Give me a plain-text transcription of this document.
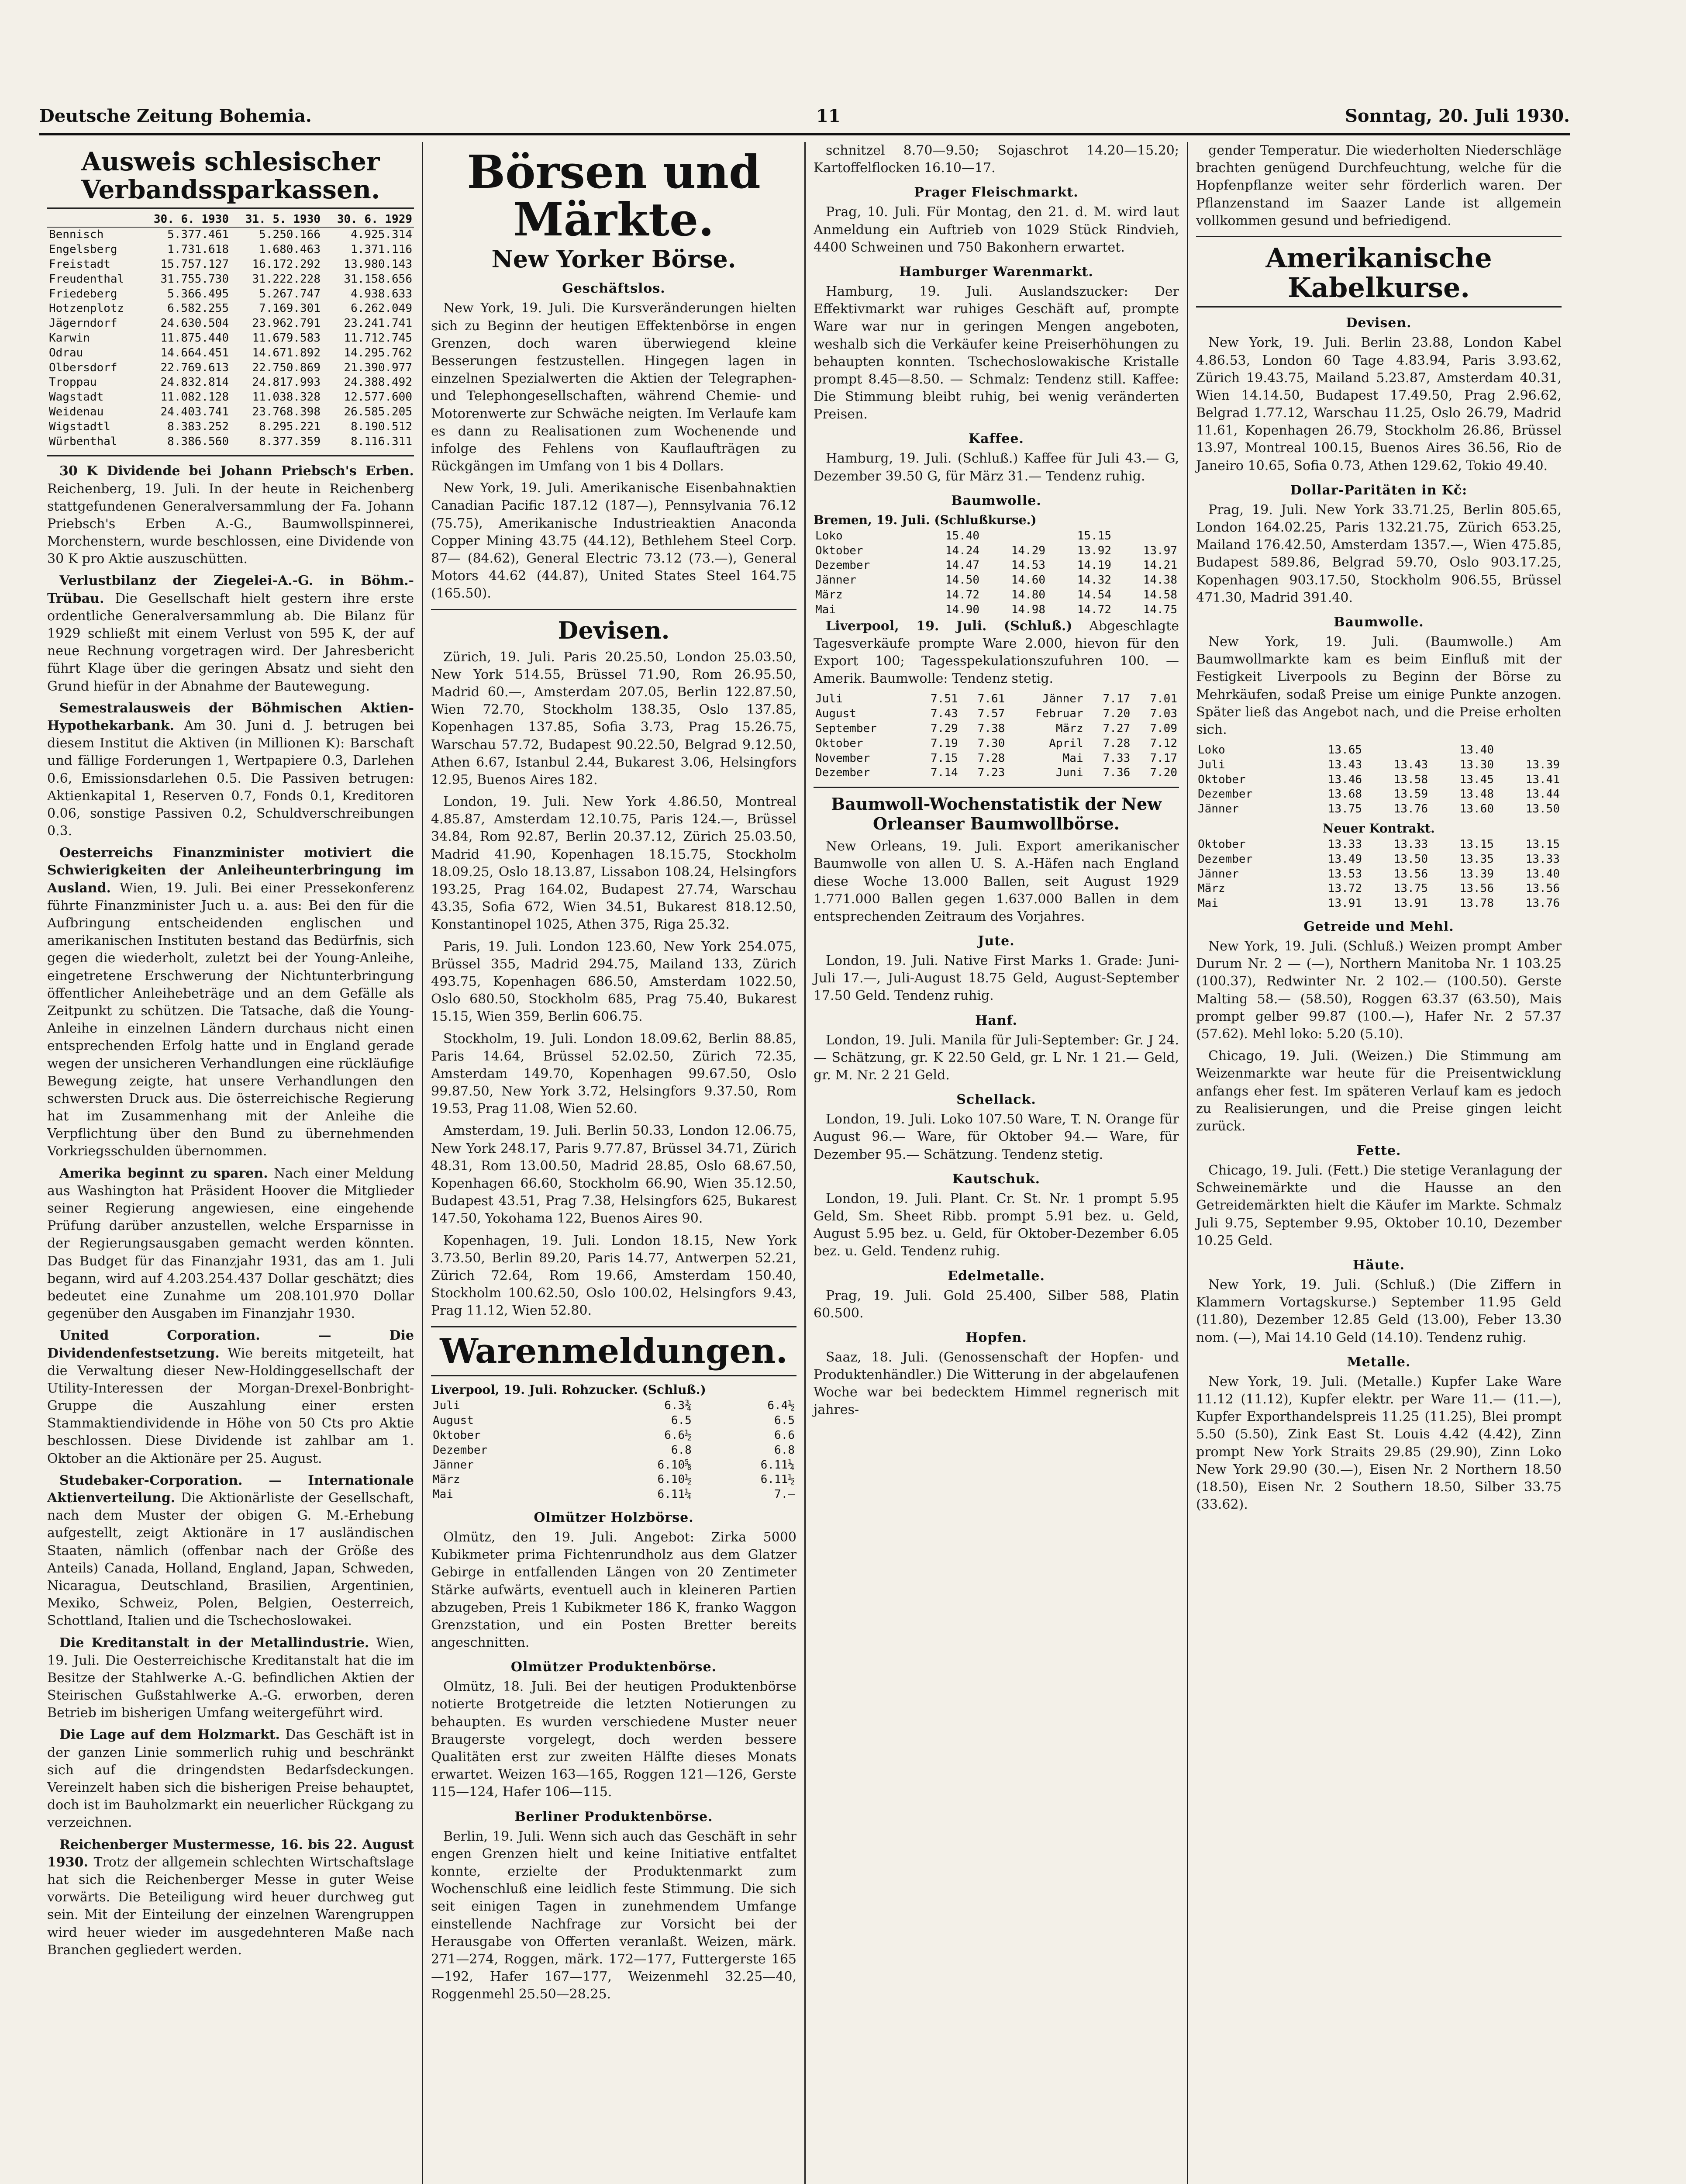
Deutsche Zeitung Bohemia.	11	Sonntag, 20. Juli 1930.
Ausweis schlesischer Verbandssparkassen.
	30. 6. 1930	31. 5. 1930	30. 6. 1929
Bennisch	5.377.461	5.250.166	4.925.314
Engelsberg	1.731.618	1.680.463	1.371.116
Freistadt	15.757.127	16.172.292	13.980.143
Freudenthal	31.755.730	31.222.228	31.158.656
Friedeberg	5.366.495	5.267.747	4.938.633
Hotzenplotz	6.582.255	7.169.301	6.262.049
Jägerndorf	24.630.504	23.962.791	23.241.741
Karwin	11.875.440	11.679.583	11.712.745
Odrau	14.664.451	14.671.892	14.295.762
Olbersdorf	22.769.613	22.750.869	21.390.977
Troppau	24.832.814	24.817.993	24.388.492
Wagstadt	11.082.128	11.038.328	12.577.600
Weidenau	24.403.741	23.768.398	26.585.205
Wigstadtl	8.383.252	8.295.221	8.190.512
Würbenthal	8.386.560	8.377.359	8.116.311

30 K Dividende bei Johann Priebsch's Erben. Reichenberg, 19. Juli. In der heute in Reichenberg stattgefundenen Generalversammlung der Fa. Johann Priebsch's Erben A.-G., Baumwollspinnerei, Morchenstern, wurde beschlossen, eine Dividende von 30 K pro Aktie auszuschütten.

Verlustbilanz der Ziegelei-A.-G. in Böhm.-Trübau. Die Gesellschaft hielt gestern ihre erste ordentliche Generalversammlung ab. Die Bilanz für 1929 schließt mit einem Verlust von 595 K, der auf neue Rechnung vorgetragen wird. Der Jahresbericht führt Klage über die geringen Absatz und sieht den Grund hiefür in der Abnahme der Bautewegung.

Semestralausweis der Böhmischen Aktien-Hypothekarbank. Am 30. Juni d. J. betrugen bei diesem Institut die Aktiven (in Millionen K): Barschaft und fällige Forderungen 1, Wertpapiere 0.3, Darlehen 0.6, Emissionsdarlehen 0.5. Die Passiven betrugen: Aktienkapital 1, Reserven 0.7, Fonds 0.1, Kreditoren 0.06, sonstige Passiven 0.2, Schuldverschreibungen 0.3.

Oesterreichs Finanzminister motiviert die Schwierigkeiten der Anleiheunterbringung im Ausland. Wien, 19. Juli. Bei einer Pressekonferenz führte Finanzminister Juch u. a. aus: Bei den für die Aufbringung entscheidenden englischen und amerikanischen Instituten bestand das Bedürfnis, sich gegen die wiederholt, zuletzt bei der Young-Anleihe, eingetretene Erschwerung der Nichtunterbringung öffentlicher Anleihebeträge und an dem Gefälle als Zeitpunkt zu schützen. Die Tatsache, daß die Young-Anleihe in einzelnen Ländern durchaus nicht einen entsprechenden Erfolg hatte und in England gerade wegen der unsicheren Verhandlungen eine rückläufige Bewegung zeigte, hat unsere Verhandlungen den schwersten Druck aus. Die österreichische Regierung hat im Zusammenhang mit der Anleihe die Verpflichtung über den Bund zu übernehmenden Vorkriegsschulden übernommen.

Amerika beginnt zu sparen. Nach einer Meldung aus Washington hat Präsident Hoover die Mitglieder seiner Regierung angewiesen, eine eingehende Prüfung darüber anzustellen, welche Ersparnisse in der Regierungsausgaben gemacht werden könnten. Das Budget für das Finanzjahr 1931, das am 1. Juli begann, wird auf 4.203.254.437 Dollar geschätzt; dies bedeutet eine Zunahme um 208.101.970 Dollar gegenüber den Ausgaben im Finanzjahr 1930.

United Corporation. — Die Dividendenfestsetzung. Wie bereits mitgeteilt, hat die Verwaltung dieser New-Holdinggesellschaft der Utility-Interessen der Morgan-Drexel-Bonbright-Gruppe die Auszahlung einer ersten Stammaktiendividende in Höhe von 50 Cts pro Aktie beschlossen. Diese Dividende ist zahlbar am 1. Oktober an die Aktionäre per 25. August.

Studebaker-Corporation. — Internationale Aktienverteilung. Die Aktionärliste der Gesellschaft, nach dem Muster der obigen G. M.-Erhebung aufgestellt, zeigt Aktionäre in 17 ausländischen Staaten, nämlich (offenbar nach der Größe des Anteils) Canada, Holland, England, Japan, Schweden, Nicaragua, Deutschland, Brasilien, Argentinien, Mexiko, Schweiz, Polen, Belgien, Oesterreich, Schottland, Italien und die Tschechoslowakei.

Die Kreditanstalt in der Metallindustrie. Wien, 19. Juli. Die Oesterreichische Kreditanstalt hat die im Besitze der Stahlwerke A.-G. befindlichen Aktien der Steirischen Gußstahlwerke A.-G. erworben, deren Betrieb im bisherigen Umfang weitergeführt wird.

Die Lage auf dem Holzmarkt. Das Geschäft ist in der ganzen Linie sommerlich ruhig und beschränkt sich auf die dringendsten Bedarfsdeckungen. Vereinzelt haben sich die bisherigen Preise behauptet, doch ist im Bauholzmarkt ein neuerlicher Rückgang zu verzeichnen.

Reichenberger Mustermesse, 16. bis 22. August 1930. Trotz der allgemein schlechten Wirtschaftslage hat sich die Reichenberger Messe in guter Weise vorwärts. Die Beteiligung wird heuer durchweg gut sein. Mit der Einteilung der einzelnen Warengruppen wird heuer wieder im ausgedehnteren Maße nach Branchen gegliedert werden.

Börsen und Märkte.
New Yorker Börse.
Geschäftslos.

New York, 19. Juli. Die Kursveränderungen hielten sich zu Beginn der heutigen Effektenbörse in engen Grenzen, doch waren überwiegend kleine Besserungen festzustellen. Hingegen lagen in einzelnen Spezialwerten die Aktien der Telegraphen- und Telephongesellschaften, während Chemie- und Motorenwerte zur Schwäche neigten. Im Verlaufe kam es dann zu Realisationen zum Wochenende und infolge des Fehlens von Kauflaufträgen zu Rückgängen im Umfang von 1 bis 4 Dollars.

New York, 19. Juli. Amerikanische Eisenbahnaktien Canadian Pacific 187.12 (187—), Pennsylvania 76.12 (75.75), Amerikanische Industrieaktien Anaconda Copper Mining 43.75 (44.12), Bethlehem Steel Corp. 87— (84.62), General Electric 73.12 (73.—), General Motors 44.62 (44.87), United States Steel 164.75 (165.50).

Devisen.

Zürich, 19. Juli. Paris 20.25.50, London 25.03.50, New York 514.55, Brüssel 71.90, Rom 26.95.50, Madrid 60.—, Amsterdam 207.05, Berlin 122.87.50, Wien 72.70, Stockholm 138.35, Oslo 137.85, Kopenhagen 137.85, Sofia 3.73, Prag 15.26.75, Warschau 57.72, Budapest 90.22.50, Belgrad 9.12.50, Athen 6.67, Istanbul 2.44, Bukarest 3.06, Helsingfors 12.95, Buenos Aires 182.

London, 19. Juli. New York 4.86.50, Montreal 4.85.87, Amsterdam 12.10.75, Paris 124.—, Brüssel 34.84, Rom 92.87, Berlin 20.37.12, Zürich 25.03.50, Madrid 41.90, Kopenhagen 18.15.75, Stockholm 18.09.25, Oslo 18.13.87, Lissabon 108.24, Helsingfors 193.25, Prag 164.02, Budapest 27.74, Warschau 43.35, Sofia 672, Wien 34.51, Bukarest 818.12.50, Konstantinopel 1025, Athen 375, Riga 25.32.

Paris, 19. Juli. London 123.60, New York 254.075, Brüssel 355, Madrid 294.75, Mailand 133, Zürich 493.75, Kopenhagen 686.50, Amsterdam 1022.50, Oslo 680.50, Stockholm 685, Prag 75.40, Bukarest 15.15, Wien 359, Berlin 606.75.

Stockholm, 19. Juli. London 18.09.62, Berlin 88.85, Paris 14.64, Brüssel 52.02.50, Zürich 72.35, Amsterdam 149.70, Kopenhagen 99.67.50, Oslo 99.87.50, New York 3.72, Helsingfors 9.37.50, Rom 19.53, Prag 11.08, Wien 52.60.

Amsterdam, 19. Juli. Berlin 50.33, London 12.06.75, New York 248.17, Paris 9.77.87, Brüssel 34.71, Zürich 48.31, Rom 13.00.50, Madrid 28.85, Oslo 68.67.50, Kopenhagen 66.60, Stockholm 66.90, Wien 35.12.50, Budapest 43.51, Prag 7.38, Helsingfors 625, Bukarest 147.50, Yokohama 122, Buenos Aires 90.

Kopenhagen, 19. Juli. London 18.15, New York 3.73.50, Berlin 89.20, Paris 14.77, Antwerpen 52.21, Zürich 72.64, Rom 19.66, Amsterdam 150.40, Stockholm 100.62.50, Oslo 100.02, Helsingfors 9.43, Prag 11.12, Wien 52.80.

Warenmeldungen.
Liverpool, 19. Juli. Rohzucker. (Schluß.)
Juli	6.3¾	6.4½
August	6.5	6.5
Oktober	6.6½	6.6
Dezember	6.8	6.8
Jänner	6.10⅝	6.11¼
März	6.10½	6.11½
Mai	6.11¼	7.—
Olmützer Holzbörse.

Olmütz, den 19. Juli. Angebot: Zirka 5000 Kubikmeter prima Fichtenrundholz aus dem Glatzer Gebirge in entfallenden Längen von 20 Zentimeter Stärke aufwärts, eventuell auch in kleineren Partien abzugeben, Preis 1 Kubikmeter 186 K, franko Waggon Grenzstation, und ein Posten Bretter bereits angeschnitten.

Olmützer Produktenbörse.

Olmütz, 18. Juli. Bei der heutigen Produktenbörse notierte Brotgetreide die letzten Notierungen zu behaupten. Es wurden verschiedene Muster neuer Braugerste vorgelegt, doch werden bessere Qualitäten erst zur zweiten Hälfte dieses Monats erwartet. Weizen 163—165, Roggen 121—126, Gerste 115—124, Hafer 106—115.

Berliner Produktenbörse.

Berlin, 19. Juli. Wenn sich auch das Geschäft in sehr engen Grenzen hielt und keine Initiative entfaltet konnte, erzielte der Produktenmarkt zum Wochenschluß eine leidlich feste Stimmung. Die sich seit einigen Tagen in zunehmendem Umfange einstellende Nachfrage zur Vorsicht bei der Herausgabe von Offerten veranlaßt. Weizen, märk. 271—274, Roggen, märk. 172—177, Futtergerste 165—192, Hafer 167—177, Weizenmehl 32.25—40, Roggenmehl 25.50—28.25.

schnitzel 8.70—9.50; Sojaschrot 14.20—15.20; Kartoffelflocken 16.10—17.

Prager Fleischmarkt.

Prag, 10. Juli. Für Montag, den 21. d. M. wird laut Anmeldung ein Auftrieb von 1029 Stück Rindvieh, 4400 Schweinen und 750 Bakonhern erwartet.

Hamburger Warenmarkt.

Hamburg, 19. Juli. Auslandszucker: Der Effektivmarkt war ruhiges Geschäft auf, prompte Ware war nur in geringen Mengen angeboten, weshalb sich die Verkäufer keine Preiserhöhungen zu behaupten konnten. Tschechoslowakische Kristalle prompt 8.45—8.50. — Schmalz: Tendenz still. Kaffee: Die Stimmung bleibt ruhig, bei wenig veränderten Preisen.

Kaffee.

Hamburg, 19. Juli. (Schluß.) Kaffee für Juli 43.— G, Dezember 39.50 G, für März 31.— Tendenz ruhig.

Baumwolle.
Bremen, 19. Juli. (Schlußkurse.)
Loko	15.40		15.15	
Oktober	14.24	14.29	13.92	13.97
Dezember	14.47	14.53	14.19	14.21
Jänner	14.50	14.60	14.32	14.38
März	14.72	14.80	14.54	14.58
Mai	14.90	14.98	14.72	14.75

Liverpool, 19. Juli. (Schluß.) Abgeschlagte Tagesverkäufe prompte Ware 2.000, hievon für den Export 100; Tagesspekulationszufuhren 100. — Amerik. Baumwolle: Tendenz stetig.

Juli	7.51	7.61	Jänner	7.17	7.01
August	7.43	7.57	Februar	7.20	7.03
September	7.29	7.38	März	7.27	7.09
Oktober	7.19	7.30	April	7.28	7.12
November	7.15	7.28	Mai	7.33	7.17
Dezember	7.14	7.23	Juni	7.36	7.20
Baumwoll-Wochenstatistik der New Orleanser Baumwollbörse.

New Orleans, 19. Juli. Export amerikanischer Baumwolle von allen U. S. A.-Häfen nach England diese Woche 13.000 Ballen, seit August 1929 1.771.000 Ballen gegen 1.637.000 Ballen in dem entsprechenden Zeitraum des Vorjahres.

Jute.

London, 19. Juli. Native First Marks 1. Grade: Juni-Juli 17.—, Juli-August 18.75 Geld, August-September 17.50 Geld. Tendenz ruhig.

Hanf.

London, 19. Juli. Manila für Juli-September: Gr. J 24.— Schätzung, gr. K 22.50 Geld, gr. L Nr. 1 21.— Geld, gr. M. Nr. 2 21 Geld.

Schellack.

London, 19. Juli. Loko 107.50 Ware, T. N. Orange für August 96.— Ware, für Oktober 94.— Ware, für Dezember 95.— Schätzung. Tendenz stetig.

Kautschuk.

London, 19. Juli. Plant. Cr. St. Nr. 1 prompt 5.95 Geld, Sm. Sheet Ribb. prompt 5.91 bez. u. Geld, August 5.95 bez. u. Geld, für Oktober-Dezember 6.05 bez. u. Geld. Tendenz ruhig.

Edelmetalle.

Prag, 19. Juli. Gold 25.400, Silber 588, Platin 60.500.

Hopfen.

Saaz, 18. Juli. (Genossenschaft der Hopfen- und Produktenhändler.) Die Witterung in der abgelaufenen Woche war bei bedecktem Himmel regnerisch mit jahres-

gender Temperatur. Die wiederholten Niederschläge brachten genügend Durchfeuchtung, welche für die Hopfenpflanze weiter sehr förderlich waren. Der Pflanzenstand im Saazer Lande ist allgemein vollkommen gesund und befriedigend.

Amerikanische Kabelkurse.
Devisen.

New York, 19. Juli. Berlin 23.88, London Kabel 4.86.53, London 60 Tage 4.83.94, Paris 3.93.62, Zürich 19.43.75, Mailand 5.23.87, Amsterdam 40.31, Wien 14.14.50, Budapest 17.49.50, Prag 2.96.62, Belgrad 1.77.12, Warschau 11.25, Oslo 26.79, Madrid 11.61, Kopenhagen 26.79, Stockholm 26.86, Brüssel 13.97, Montreal 100.15, Buenos Aires 36.56, Rio de Janeiro 10.65, Sofia 0.73, Athen 129.62, Tokio 49.40.

Dollar-Paritäten in Kč:

Prag, 19. Juli. New York 33.71.25, Berlin 805.65, London 164.02.25, Paris 132.21.75, Zürich 653.25, Mailand 176.42.50, Amsterdam 1357.—, Wien 475.85, Budapest 589.86, Belgrad 59.70, Oslo 903.17.25, Kopenhagen 903.17.50, Stockholm 906.55, Brüssel 471.30, Madrid 391.40.

Baumwolle.

New York, 19. Juli. (Baumwolle.) Am Baumwollmarkte kam es beim Einfluß mit der Festigkeit Liverpools zu Beginn der Börse zu Mehrkäufen, sodaß Preise um einige Punkte anzogen. Später ließ das Angebot nach, und die Preise erholten sich.

Loko	13.65		13.40	
Juli	13.43	13.43	13.30	13.39
Oktober	13.46	13.58	13.45	13.41
Dezember	13.68	13.59	13.48	13.44
Jänner	13.75	13.76	13.60	13.50
Neuer Kontrakt.
Oktober	13.33	13.33	13.15	13.15
Dezember	13.49	13.50	13.35	13.33
Jänner	13.53	13.56	13.39	13.40
März	13.72	13.75	13.56	13.56
Mai	13.91	13.91	13.78	13.76
Getreide und Mehl.

New York, 19. Juli. (Schluß.) Weizen prompt Amber Durum Nr. 2 — (—), Northern Manitoba Nr. 1 103.25 (100.37), Redwinter Nr. 2 102.— (100.50). Gerste Malting 58.— (58.50), Roggen 63.37 (63.50), Mais prompt gelber 99.87 (100.—), Hafer Nr. 2 57.37 (57.62). Mehl loko: 5.20 (5.10).

Chicago, 19. Juli. (Weizen.) Die Stimmung am Weizenmarkte war heute für die Preisentwicklung anfangs eher fest. Im späteren Verlauf kam es jedoch zu Realisierungen, und die Preise gingen leicht zurück.

Fette.

Chicago, 19. Juli. (Fett.) Die stetige Veranlagung der Schweinemärkte und die Hausse an den Getreidemärkten hielt die Käufer im Markte. Schmalz Juli 9.75, September 9.95, Oktober 10.10, Dezember 10.25 Geld.

Häute.

New York, 19. Juli. (Schluß.) (Die Ziffern in Klammern Vortagskurse.) September 11.95 Geld (11.80), Dezember 12.85 Geld (13.00), Feber 13.30 nom. (—), Mai 14.10 Geld (14.10). Tendenz ruhig.

Metalle.

New York, 19. Juli. (Metalle.) Kupfer Lake Ware 11.12 (11.12), Kupfer elektr. per Ware 11.— (11.—), Kupfer Exporthandelspreis 11.25 (11.25), Blei prompt 5.50 (5.50), Zink East St. Louis 4.42 (4.42), Zinn prompt New York Straits 29.85 (29.90), Zinn Loko New York 29.90 (30.—), Eisen Nr. 2 Northern 18.50 (18.50), Eisen Nr. 2 Southern 18.50, Silber 33.75 (33.62).
